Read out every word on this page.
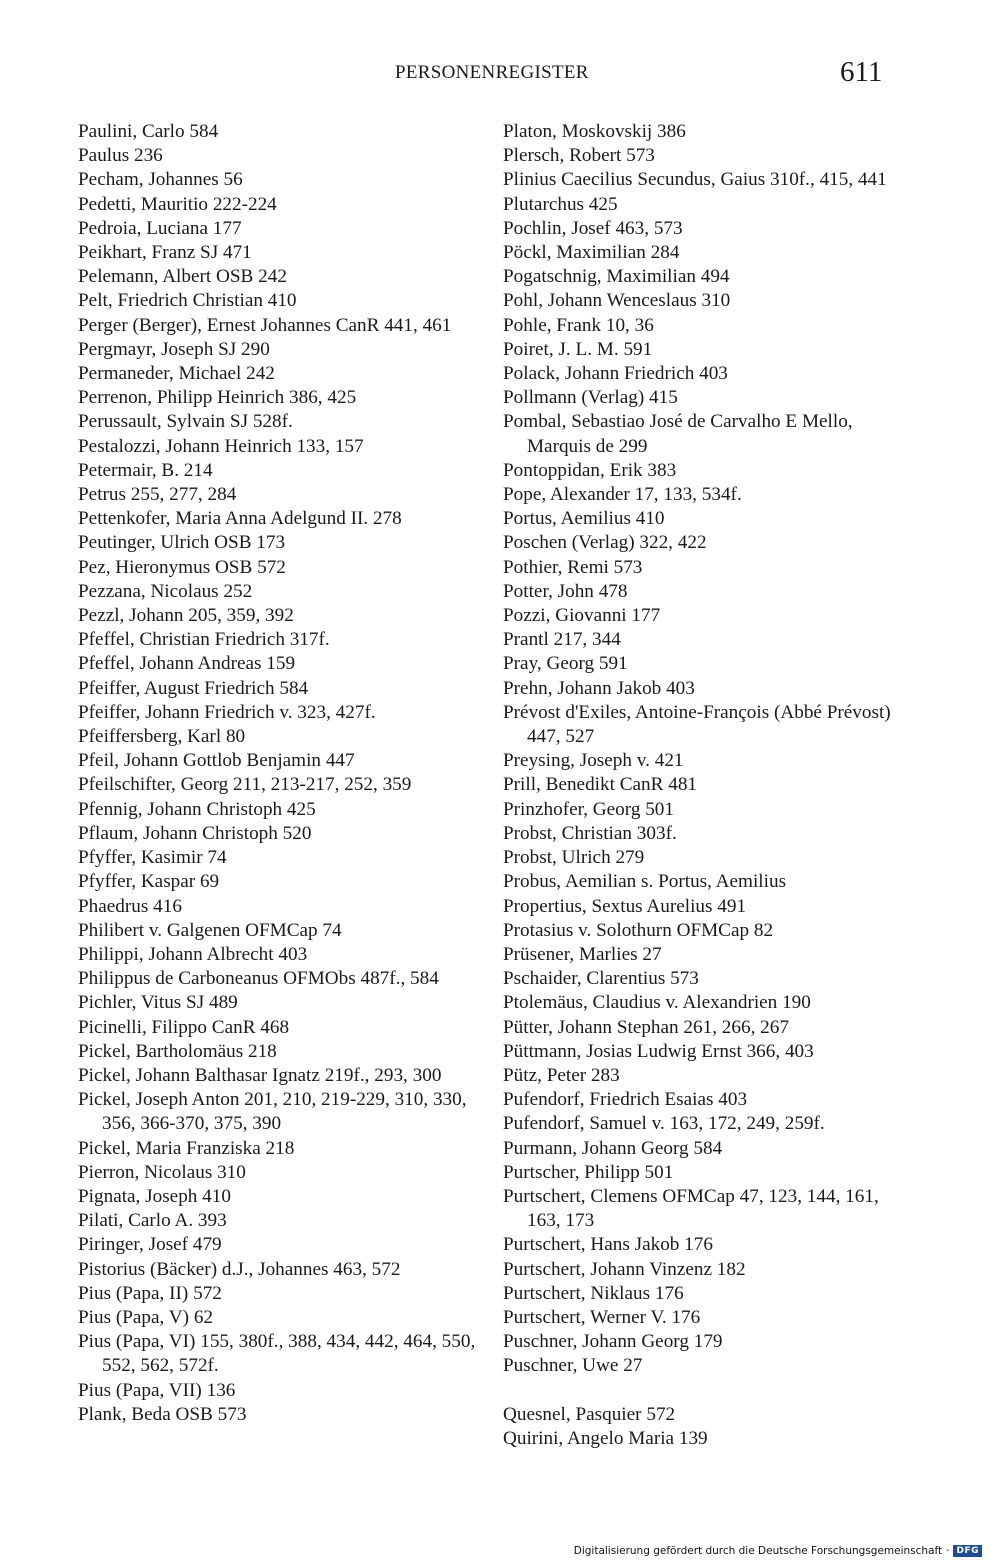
PERSONENREGISTER	611
Paulini, Carlo 584
Paulus 236
Pecham, Johannes 56
Pedetti, Mauritio 222-224
Pedroia, Luciana 177
Peikhart, Franz SJ 471
Pelemann, Albert OSB 242
Pelt, Friedrich Christian 410
Perger (Berger), Ernest Johannes CanR 441, 461
Pergmayr, Joseph SJ 290
Permaneder, Michael 242
Perrenon, Philipp Heinrich 386, 425
Perussault, Sylvain SJ 528f.
Pestalozzi, Johann Heinrich 133, 157
Petermair, B. 214
Petrus 255, 277, 284
Pettenkofer, Maria Anna Adelgund II. 278
Peutinger, Ulrich OSB 173
Pez, Hieronymus OSB 572
Pezzana, Nicolaus 252
Pezzl, Johann 205, 359, 392
Pfeffel, Christian Friedrich 317f.
Pfeffel, Johann Andreas 159
Pfeiffer, August Friedrich 584
Pfeiffer, Johann Friedrich v. 323, 427f.
Pfeiffersberg, Karl 80
Pfeil, Johann Gottlob Benjamin 447
Pfeilschifter, Georg 211, 213-217, 252, 359
Pfennig, Johann Christoph 425
Pflaum, Johann Christoph 520
Pfyffer, Kasimir 74
Pfyffer, Kaspar 69
Phaedrus 416
Philibert v. Galgenen OFMCap 74
Philippi, Johann Albrecht 403
Philippus de Carboneanus OFMObs 487f., 584
Pichler, Vitus SJ 489
Picinelli, Filippo CanR 468
Pickel, Bartholomäus 218
Pickel, Johann Balthasar Ignatz 219f., 293, 300
Pickel, Joseph Anton 201, 210, 219-229, 310, 330, 356, 366-370, 375, 390
Pickel, Maria Franziska 218
Pierron, Nicolaus 310
Pignata, Joseph 410
Pilati, Carlo A. 393
Piringer, Josef 479
Pistorius (Bäcker) d.J., Johannes 463, 572
Pius (Papa, II) 572
Pius (Papa, V) 62
Pius (Papa, VI) 155, 380f., 388, 434, 442, 464, 550, 552, 562, 572f.
Pius (Papa, VII) 136
Plank, Beda OSB 573
Platon, Moskovskij 386
Plersch, Robert 573
Plinius Caecilius Secundus, Gaius 310f., 415, 441
Plutarchus 425
Pochlin, Josef 463, 573
Pöckl, Maximilian 284
Pogatschnig, Maximilian 494
Pohl, Johann Wenceslaus 310
Pohle, Frank 10, 36
Poiret, J. L. M. 591
Polack, Johann Friedrich 403
Pollmann (Verlag) 415
Pombal, Sebastiao José de Carvalho E Mello, Marquis de 299
Pontoppidan, Erik 383
Pope, Alexander 17, 133, 534f.
Portus, Aemilius 410
Poschen (Verlag) 322, 422
Pothier, Remi 573
Potter, John 478
Pozzi, Giovanni 177
Prantl 217, 344
Pray, Georg 591
Prehn, Johann Jakob 403
Prévost d'Exiles, Antoine-François (Abbé Prévost) 447, 527
Preysing, Joseph v. 421
Prill, Benedikt CanR 481
Prinzhofer, Georg 501
Probst, Christian 303f.
Probst, Ulrich 279
Probus, Aemilian s. Portus, Aemilius
Propertius, Sextus Aurelius 491
Protasius v. Solothurn OFMCap 82
Prüsener, Marlies 27
Pschaider, Clarentius 573
Ptolemäus, Claudius v. Alexandrien 190
Pütter, Johann Stephan 261, 266, 267
Püttmann, Josias Ludwig Ernst 366, 403
Pütz, Peter 283
Pufendorf, Friedrich Esaias 403
Pufendorf, Samuel v. 163, 172, 249, 259f.
Purmann, Johann Georg 584
Purtscher, Philipp 501
Purtschert, Clemens OFMCap 47, 123, 144, 161, 163, 173
Purtschert, Hans Jakob 176
Purtschert, Johann Vinzenz 182
Purtschert, Niklaus 176
Purtschert, Werner V. 176
Puschner, Johann Georg 179
Puschner, Uwe 27
Quesnel, Pasquier 572
Quirini, Angelo Maria 139
Digitalisierung gefördert durch die Deutsche Forschungsgemeinschaft · DFG
